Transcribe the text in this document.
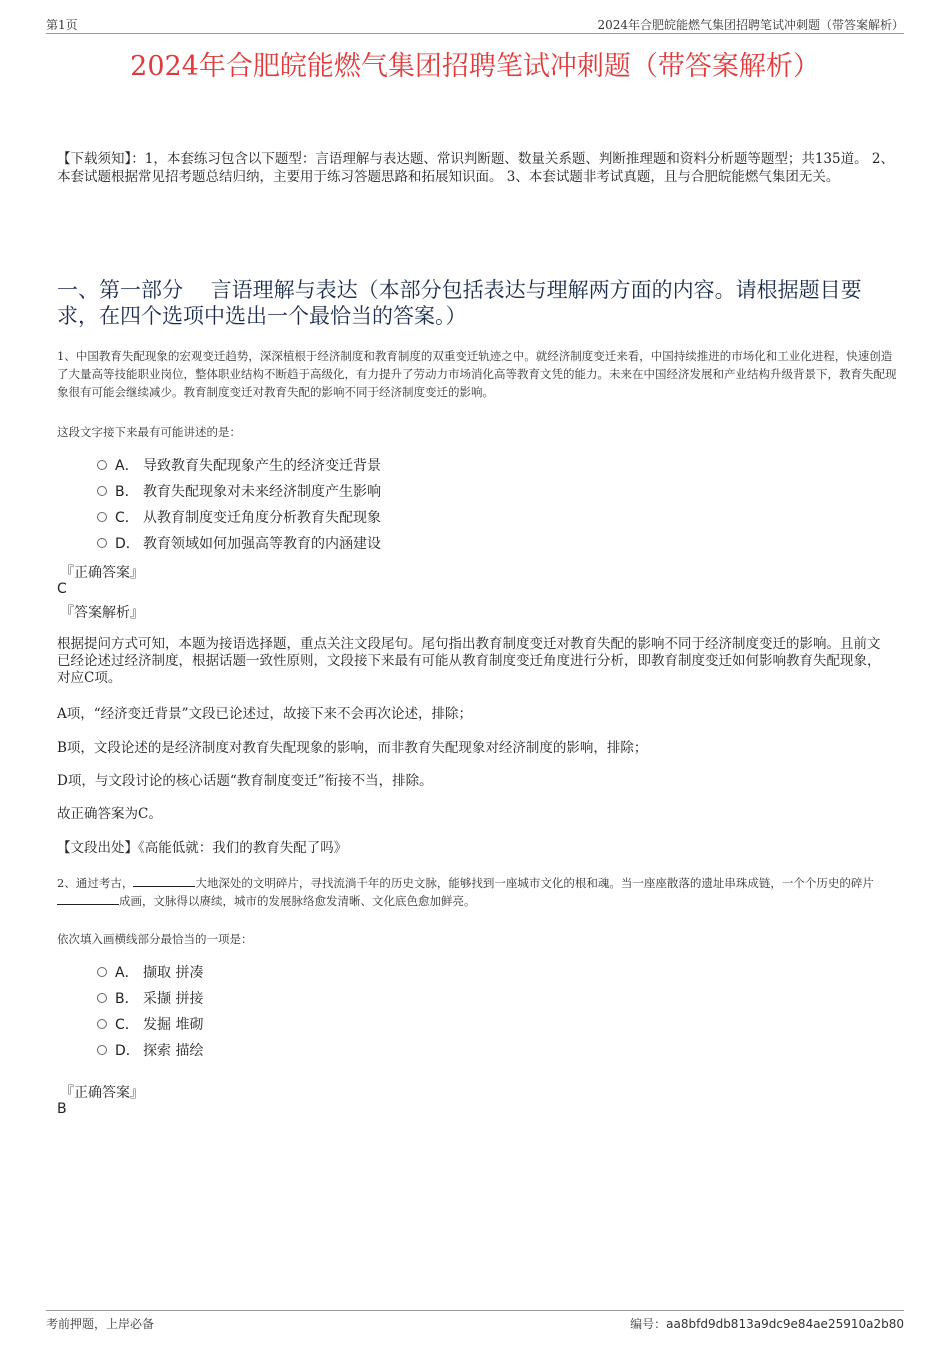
第1页	2024年合肥皖能燃气集团招聘笔试冲刺题（带答案解析）
2024年合肥皖能燃气集团招聘笔试冲刺题（带答案解析）
【下载须知】：1，本套练习包含以下题型：言语理解与表达题、常识判断题、数量关系题、判断推理题和资料分析题等题型；共135道。 2、本套试题根据常见招考题总结归纳，主要用于练习答题思路和拓展知识面。 3、本套试题非考试真题，且与合肥皖能燃气集团无关。
一、第一部分　 言语理解与表达（本部分包括表达与理解两方面的内容。请根据题目要求，在四个选项中选出一个最恰当的答案。）
1、中国教育失配现象的宏观变迁趋势，深深植根于经济制度和教育制度的双重变迁轨迹之中。就经济制度变迁来看，中国持续推进的市场化和工业化进程，快速创造了大量高等技能职业岗位，整体职业结构不断趋于高级化，有力提升了劳动力市场消化高等教育文凭的能力。未来在中国经济发展和产业结构升级背景下，教育失配现象很有可能会继续减少。教育制度变迁对教育失配的影响不同于经济制度变迁的影响。
这段文字接下来最有可能讲述的是：
A． 导致教育失配现象产生的经济变迁背景
B． 教育失配现象对未来经济制度产生影响
C． 从教育制度变迁角度分析教育失配现象
D． 教育领域如何加强高等教育的内涵建设
『正确答案』
C
『答案解析』
根据提问方式可知，本题为接语选择题，重点关注文段尾句。尾句指出教育制度变迁对教育失配的影响不同于经济制度变迁的影响。且前文已经论述过经济制度，根据话题一致性原则，文段接下来最有可能从教育制度变迁角度进行分析，即教育制度变迁如何影响教育失配现象，对应C项。
A项，“经济变迁背景”文段已论述过，故接下来不会再次论述，排除；
B项，文段论述的是经济制度对教育失配现象的影响，而非教育失配现象对经济制度的影响，排除；
D项，与文段讨论的核心话题“教育制度变迁”衔接不当，排除。
故正确答案为C。
【文段出处】《高能低就：我们的教育失配了吗》
2、通过考古，	大地深处的文明碎片，寻找流淌千年的历史文脉，能够找到一座城市文化的根和魂。当一座座散落的遗址串珠成链，一个个历史的碎片成画，文脉得以赓续，城市的发展脉络愈发清晰、文化底色愈加鲜亮。
依次填入画横线部分最恰当的一项是：
A． 撷取 拼凑
B． 采撷 拼接
C． 发掘 堆砌
D． 探索 描绘
『正确答案』
B
考前押题，上岸必备	编号：aa8bfd9db813a9dc9e84ae25910a2b80
